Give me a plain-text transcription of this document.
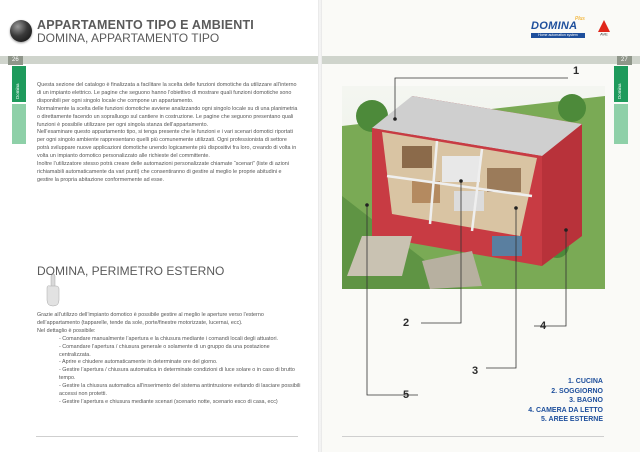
APPARTAMENTO TIPO E AMBIENTI
DOMINA, APPARTAMENTO TIPO
26
Domina	Questa sezione del catalogo è finalizzata a facilitare la scelta delle funzioni domotiche da utilizzare all’interno di un impianto elettrico. Le pagine che seguono hanno l’obiettivo di mostrare quali funzioni domotiche sono disponibili per ogni singolo locale che compone un appartamento.

Normalmente la scelta delle funzioni domotiche avviene analizzando ogni singolo locale su di una planimetria o direttamente facendo un sopralluogo sul cantiere in costruzione. Le pagine che seguono presentano quali funzioni è possibile utilizzare per ogni singola stanza dell’appartamento.

Nell’esaminare questo appartamento tipo, si tenga presente che le funzioni e i vari scenari domotici riportati per ogni singolo ambiente rappresentano quelli più comunemente utilizzati. Ogni professionista di settore potrà sviluppare nuove applicazioni domotiche unendo logicamente più dispositivi fra loro, creando di volta in volta un impianto domotico personalizzato alle richieste del committente.

Inoltre l’utilizzatore stesso potrà creare delle automazioni personalizzate chiamate “scenari” (liste di azioni richiamabili automaticamente da vari punti) che consentiranno di gestire al meglio le proprie abitudini e gestire la propria abitazione conformemente ad esse.

DOMINA, PERIMETRO ESTERNO

Grazie all’utilizzo dell’impianto domotico è possibile gestire al meglio le aperture verso l’esterno dell’appartamento (tapparelle, tende da sole, porte/finestre motorizzate, lucernai, ecc).

Nel dettaglio è possibile:

- Comandare manualmente l’apertura e la chiusura mediante i comandi locali degli attuatori.

- Comandare l’apertura / chiusura generale o solamente di un gruppo da una postazione centralizzata.

- Aprire e chiudere automaticamente in determinate ore del giorno.

- Gestire l’apertura / chiusura automatica in determinate condizioni di luce solare o in caso di brutto tempo.

- Gestire la chiusura automatica all’inserimento del sistema antintrusione evitando di lasciare possibili accessi non protetti.

- Gestire l’apertura e chiusura mediante scenari (scenario notte, scenario esco di casa, ecc)

DOMINA
Plus
Home automation system	AVE
27
Domina
1
2
3
4
5
1. CUCINA
2. SOGGIORNO
3. BAGNO
4. CAMERA DA LETTO
5. AREE ESTERNE
